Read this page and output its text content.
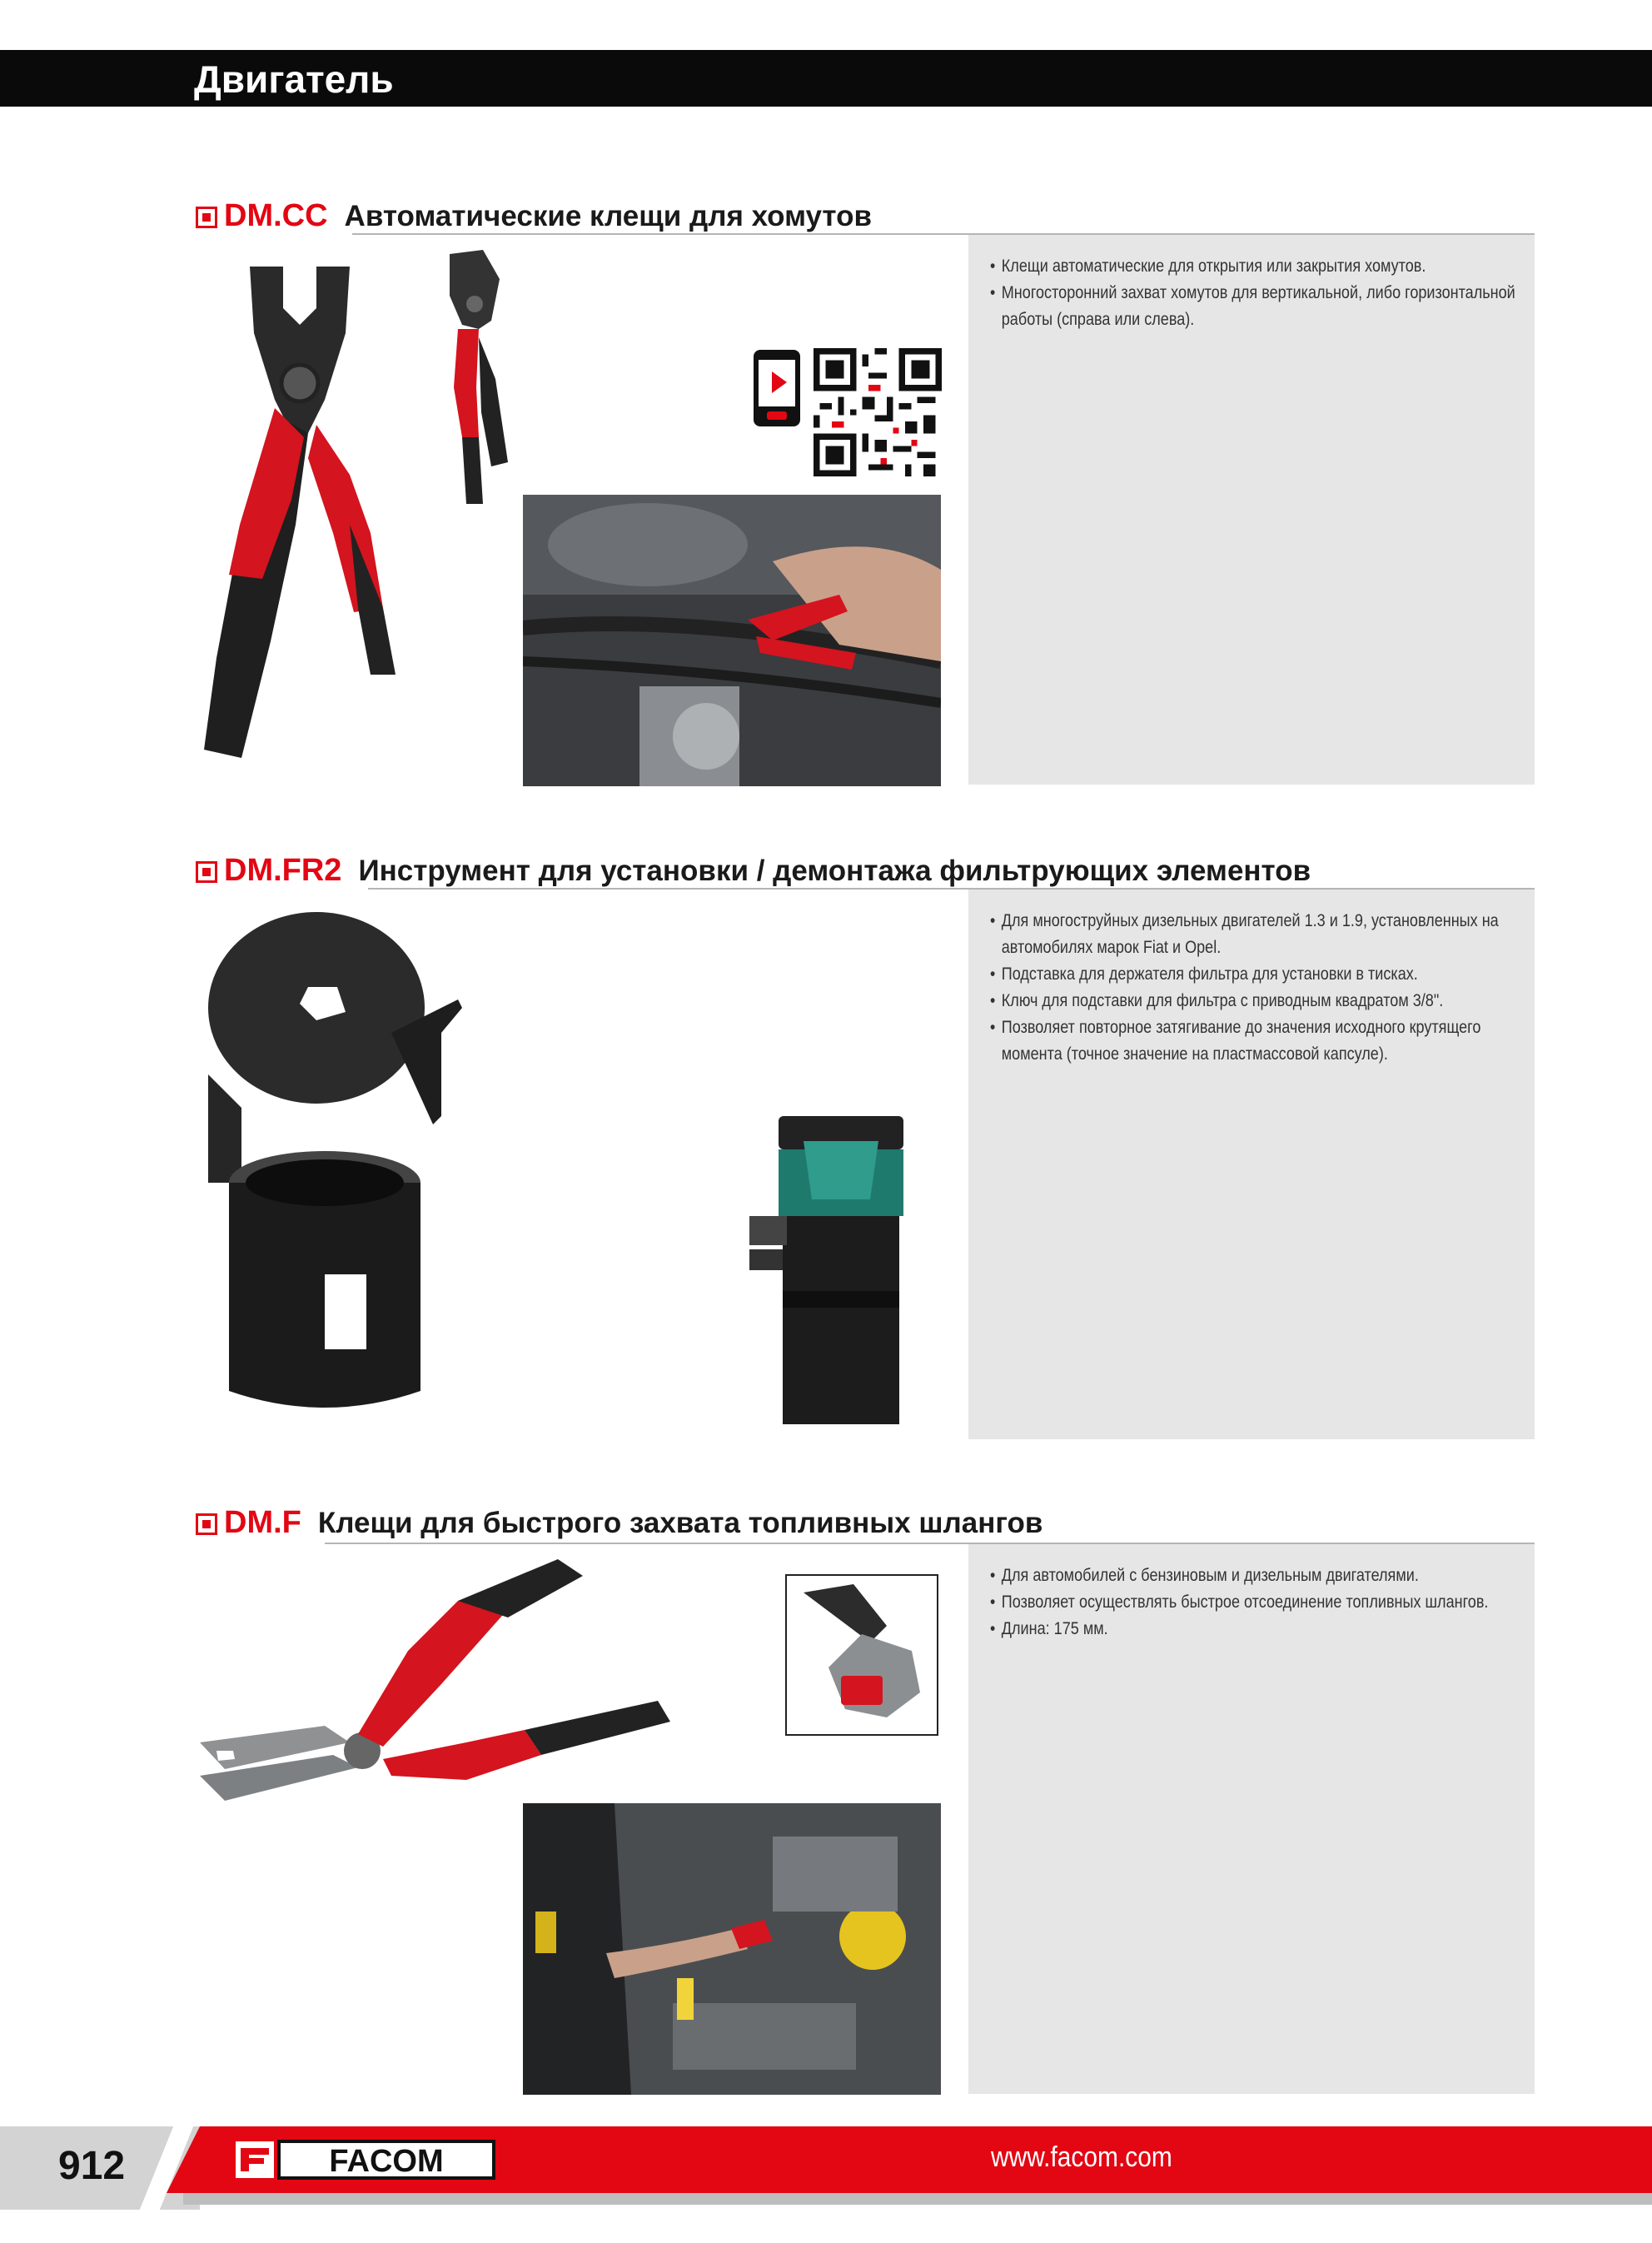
Двигатель
DM.CC Автоматические клещи для хомутов
• Клещи автоматические для открытия или закрытия хомутов.
• Многосторонний захват хомутов для вертикальной, либо горизонтальной работы (справа или слева).
DM.FR2 Инструмент для установки / демонтажа фильтрующих элементов
• Для многоструйных дизельных двигателей 1.3 и 1.9, установленных на автомобилях марок Fiat и Opel.
• Подставка для держателя фильтра для установки в тисках.
• Ключ для подставки для фильтра с приводным квадратом 3/8".
• Позволяет повторное затягивание до значения исходного крутящего момента (точное значение на пластмассовой капсуле).
DM.F Клещи для быстрого захвата топливных шлангов
• Для автомобилей с бензиновым и дизельным двигателями.
• Позволяет осуществлять быстрое отсоединение топливных шлангов.
• Длина: 175 мм.
912	FACOM	www.facom.com
